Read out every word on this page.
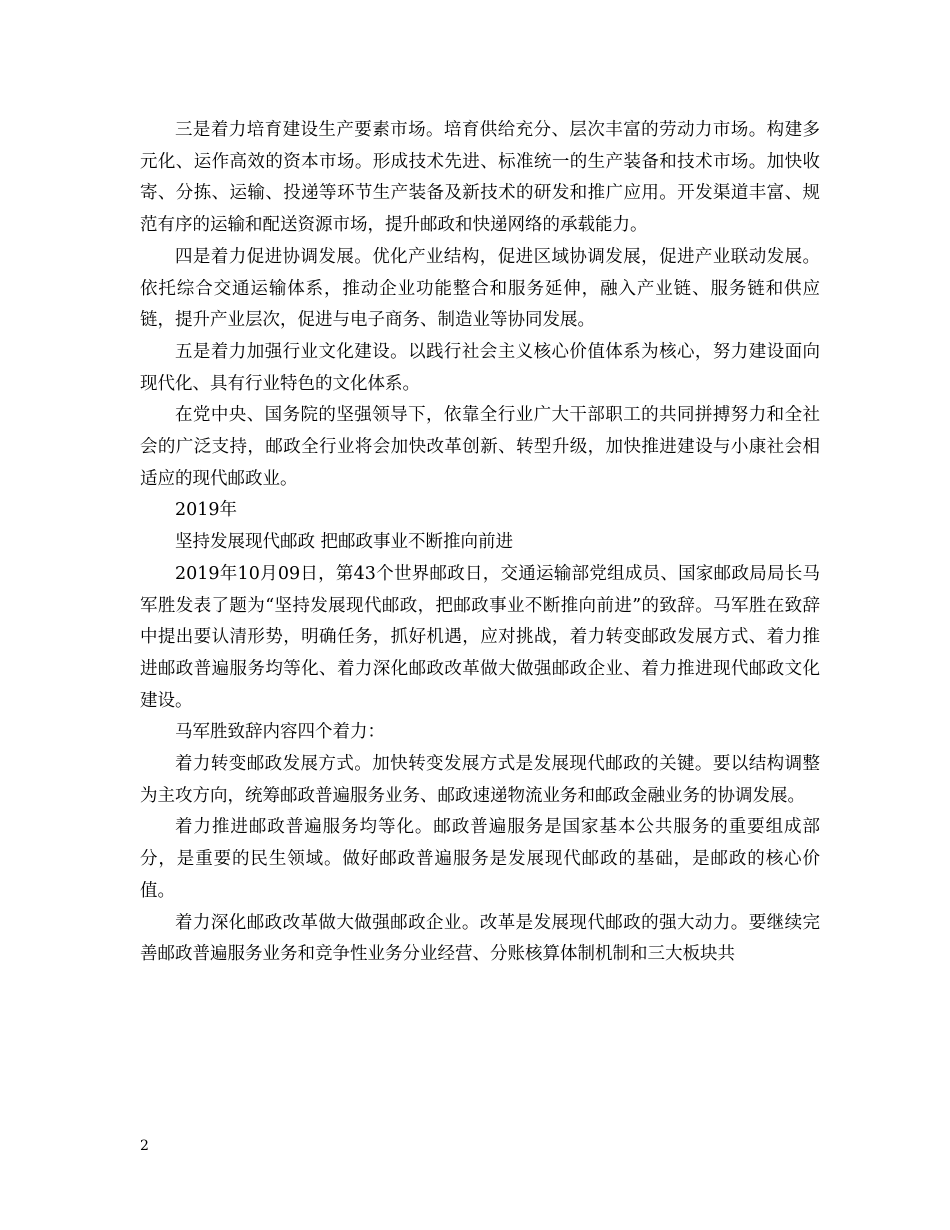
三是着力培育建设生产要素市场。培育供给充分、层次丰富的劳动力市场。构建多元化、运作高效的资本市场。形成技术先进、标准统一的生产装备和技术市场。加快收寄、分拣、运输、投递等环节生产装备及新技术的研发和推广应用。开发渠道丰富、规范有序的运输和配送资源市场，提升邮政和快递网络的承载能力。

四是着力促进协调发展。优化产业结构，促进区域协调发展，促进产业联动发展。依托综合交通运输体系，推动企业功能整合和服务延伸，融入产业链、服务链和供应链，提升产业层次，促进与电子商务、制造业等协同发展。

五是着力加强行业文化建设。以践行社会主义核心价值体系为核心，努力建设面向现代化、具有行业特色的文化体系。

在党中央、国务院的坚强领导下，依靠全行业广大干部职工的共同拼搏努力和全社会的广泛支持，邮政全行业将会加快改革创新、转型升级，加快推进建设与小康社会相适应的现代邮政业。

2019年

坚持发展现代邮政 把邮政事业不断推向前进

2019年10月09日，第43个世界邮政日，交通运输部党组成员、国家邮政局局长马军胜发表了题为“坚持发展现代邮政，把邮政事业不断推向前进”的致辞。马军胜在致辞中提出要认清形势，明确任务，抓好机遇，应对挑战，着力转变邮政发展方式、着力推进邮政普遍服务均等化、着力深化邮政改革做大做强邮政企业、着力推进现代邮政文化建设。

马军胜致辞内容四个着力：

着力转变邮政发展方式。加快转变发展方式是发展现代邮政的关键。要以结构调整为主攻方向，统筹邮政普遍服务业务、邮政速递物流业务和邮政金融业务的协调发展。

着力推进邮政普遍服务均等化。邮政普遍服务是国家基本公共服务的重要组成部分，是重要的民生领域。做好邮政普遍服务是发展现代邮政的基础，是邮政的核心价值。

着力深化邮政改革做大做强邮政企业。改革是发展现代邮政的强大动力。要继续完善邮政普遍服务业务和竞争性业务分业经营、分账核算体制机制和三大板块共

2
